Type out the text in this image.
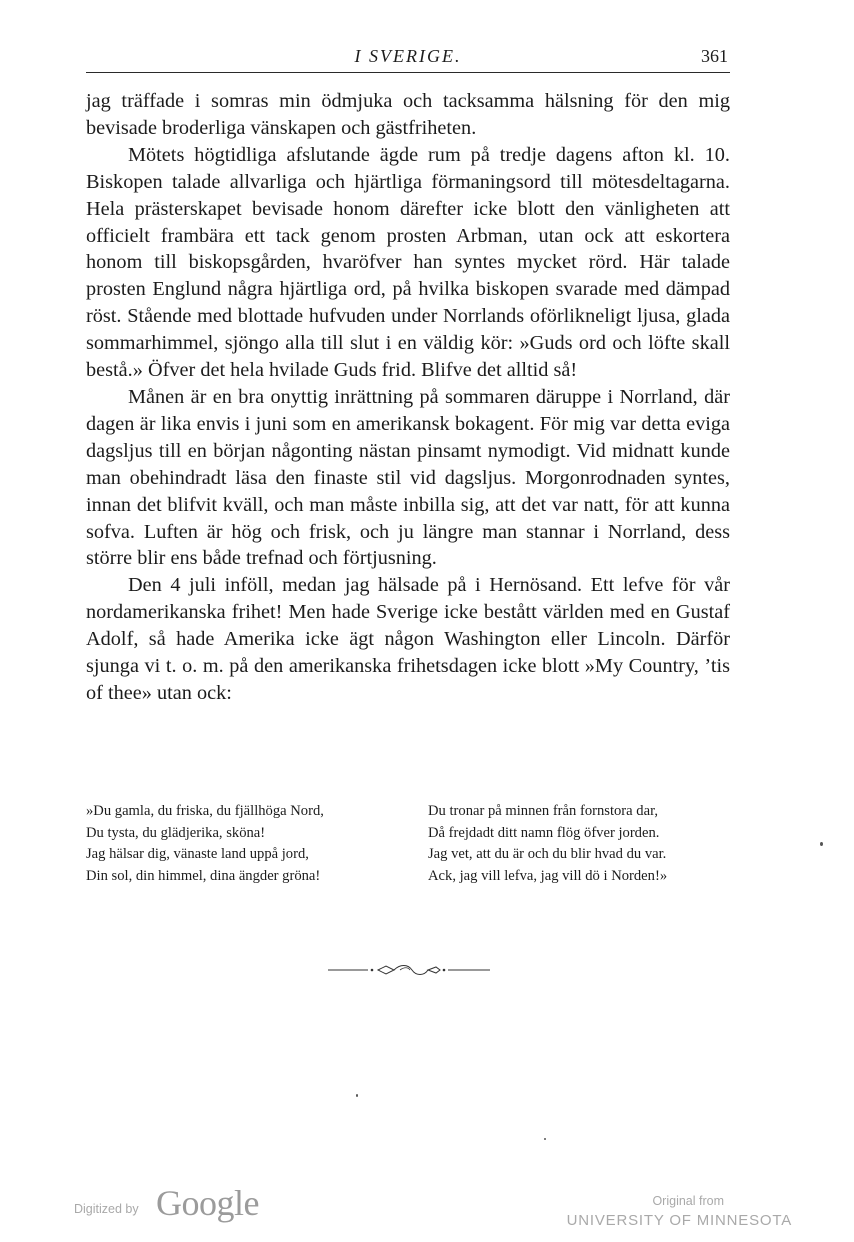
I SVERIGE.	361

jag träffade i somras min ödmjuka och tacksamma hälsning för den mig bevisade broderliga vänskapen och gästfriheten.

Mötets högtidliga afslutande ägde rum på tredje dagens afton kl. 10. Biskopen talade allvarliga och hjärtliga förmaningsord till mötesdeltagarna. Hela prästerskapet bevisade honom därefter icke blott den vänligheten att officielt frambära ett tack genom prosten Arbman, utan ock att eskortera honom till biskopsgården, hvaröfver han syntes mycket rörd. Här talade prosten Englund några hjärtliga ord, på hvilka biskopen svarade med dämpad röst. Stående med blottade hufvuden under Norrlands oförlikneligt ljusa, glada sommarhimmel, sjöngo alla till slut i en väldig kör: »Guds ord och löfte skall bestå.» Öfver det hela hvilade Guds frid. Blifve det alltid så!

Månen är en bra onyttig inrättning på sommaren däruppe i Norrland, där dagen är lika envis i juni som en amerikansk bokagent. För mig var detta eviga dagsljus till en början någonting nästan pinsamt nymodigt. Vid midnatt kunde man obehindradt läsa den finaste stil vid dagsljus. Morgonrodnaden syntes, innan det blifvit kväll, och man måste inbilla sig, att det var natt, för att kunna sofva. Luften är hög och frisk, och ju längre man stannar i Norrland, dess större blir ens både trefnad och förtjusning.

Den 4 juli inföll, medan jag hälsade på i Hernösand. Ett lefve för vår nordamerikanska frihet! Men hade Sverige icke bestått världen med en Gustaf Adolf, så hade Amerika icke ägt någon Washington eller Lincoln. Därför sjunga vi t. o. m. på den amerikanska frihetsdagen icke blott »My Country, ’tis of thee» utan ock:

»Du gamla, du friska, du fjällhöga Nord,
Du tysta, du glädjerika, sköna!
Jag hälsar dig, vänaste land uppå jord,
Din sol, din himmel, dina ängder gröna!
Du tronar på minnen från fornstora dar,
Då frejdadt ditt namn flög öfver jorden.
Jag vet, att du är och du blir hvad du var.
Ack, jag vill lefva, jag vill dö i Norden!»
Digitized by Google	Original from
UNIVERSITY OF MINNESOTA
